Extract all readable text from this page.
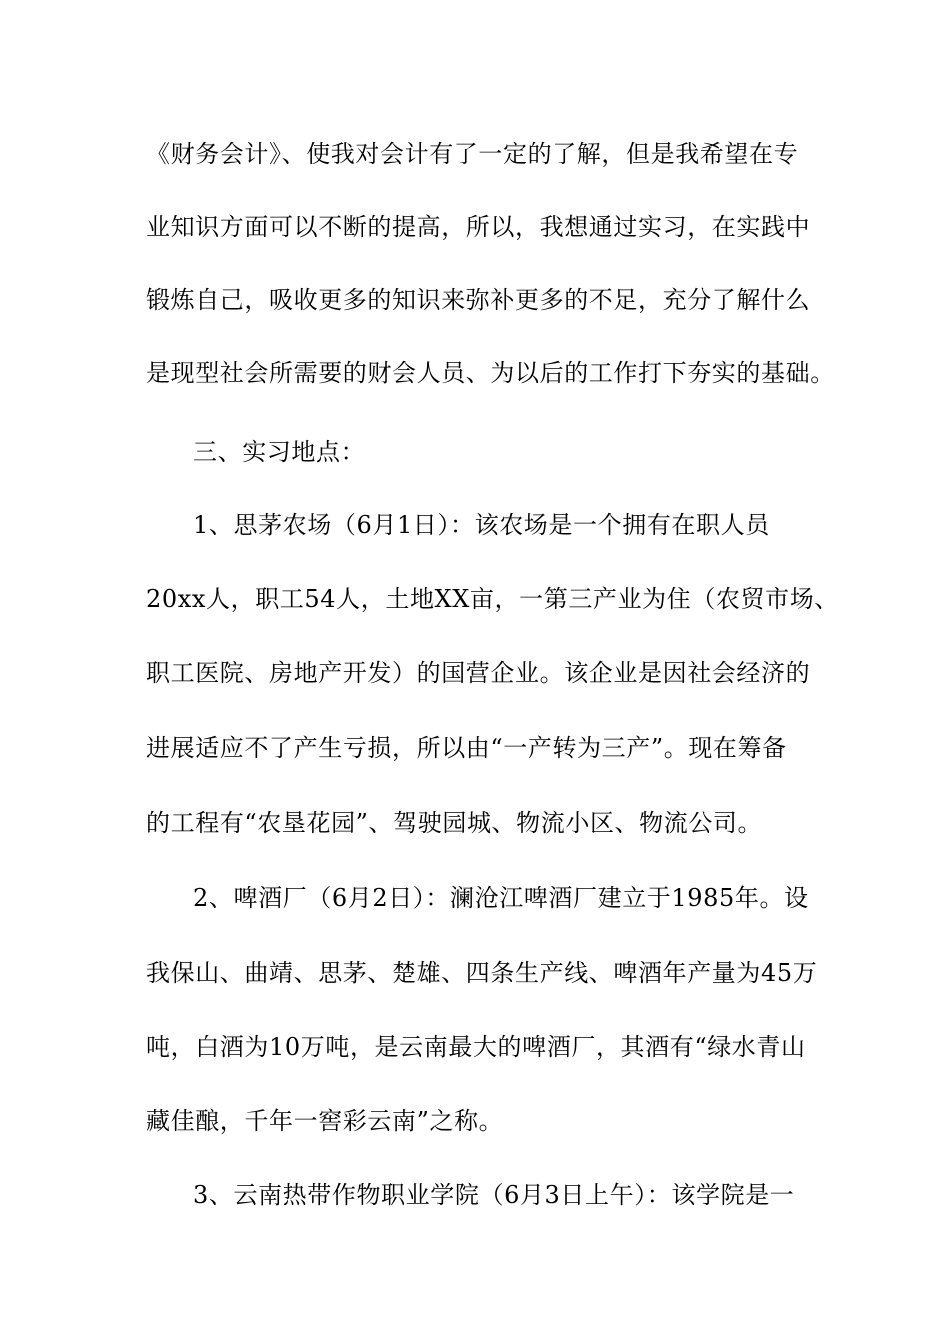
《财务会计》、使我对会计有了一定的了解，但是我希望在专
业知识方面可以不断的提高，所以，我想通过实习，在实践中
锻炼自己，吸收更多的知识来弥补更多的不足，充分了解什么
是现型社会所需要的财会人员、为以后的工作打下夯实的基础。
三、实习地点：
1、思茅农场（6月1日）：该农场是一个拥有在职人员
20xx人，职工54人，土地XX亩，一第三产业为住（农贸市场、
职工医院、房地产开发）的国营企业。该企业是因社会经济的
进展适应不了产生亏损，所以由“一产转为三产”。现在筹备
的工程有“农垦花园”、驾驶园城、物流小区、物流公司。
2、啤酒厂（6月2日）：澜沧江啤酒厂建立于1985年。设
我保山、曲靖、思茅、楚雄、四条生产线、啤酒年产量为45万
吨，白酒为10万吨，是云南最大的啤酒厂，其酒有“绿水青山
藏佳酿，千年一窖彩云南”之称。
3、云南热带作物职业学院（6月3日上午）：该学院是一
